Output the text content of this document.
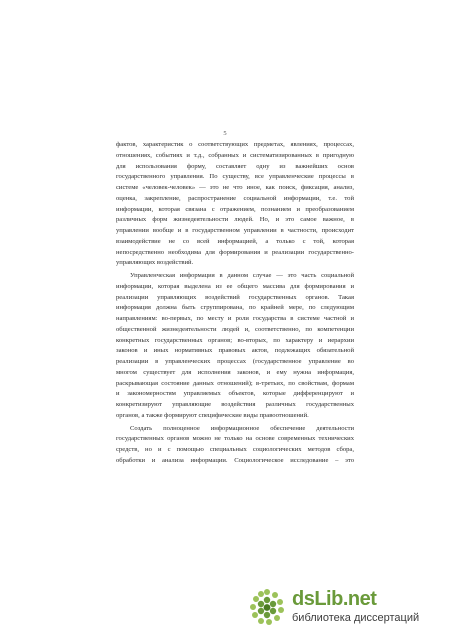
5
фактов, характеристик о соответствующих предметах, явлениях, процессах,
отношениях, событиях и т.д., собранных и систематизированных в пригодную
для использования форму, составляет одну из важнейших основ
государственного управления. По существу, все управленческие процессы в
системе «человек-человек» — это не что иное, как поиск, фиксация, анализ,
оценка, закрепление, распространение социальной информации, т.е. той
информации, которая связана с отражением, познанием и преобразованием
различных форм жизнедеятельности людей. Но, и это самое важное, в
управлении вообще и в государственном управлении в частности, происходит
взаимодействие не со всей информацией, а только с той, которая
непосредственно необходима для формирования и реализации государственно-
управляющих воздействий.
Управленческая информация в данном случае — это часть социальной
информации, которая выделена из ее общего массива для формирования и
реализации управляющих воздействий государственных органов. Такая
информация должна быть сгруппирована, по крайней мере, по следующим
направлениям: во-первых, по месту и роли государства в системе частной и
общественной жизнедеятельности людей и, соответственно, по компетенции
конкретных государственных органов; во-вторых, по характеру и иерархии
законов и иных нормативных правовых актов, подлежащих обязательной
реализации в управленческих процессах (государственное управление во
многом существует для исполнения законов, и ему нужна информация,
раскрывающая состояние данных отношений); в-третьих, по свойствам, формам
и закономерностям управляемых объектов, которые дифференцируют и
конкретизируют управляющие воздействия различных государственных
органов, а также формируют специфические виды правоотношений.
Создать полноценное информационное обеспечение деятельности
государственных органов можно не только на основе современных технических
средств, но и с помощью специальных социологических методов сбора,
обработки и анализа информации. Социологическое исследование – это
dsLib.net
библиотека диссертаций
